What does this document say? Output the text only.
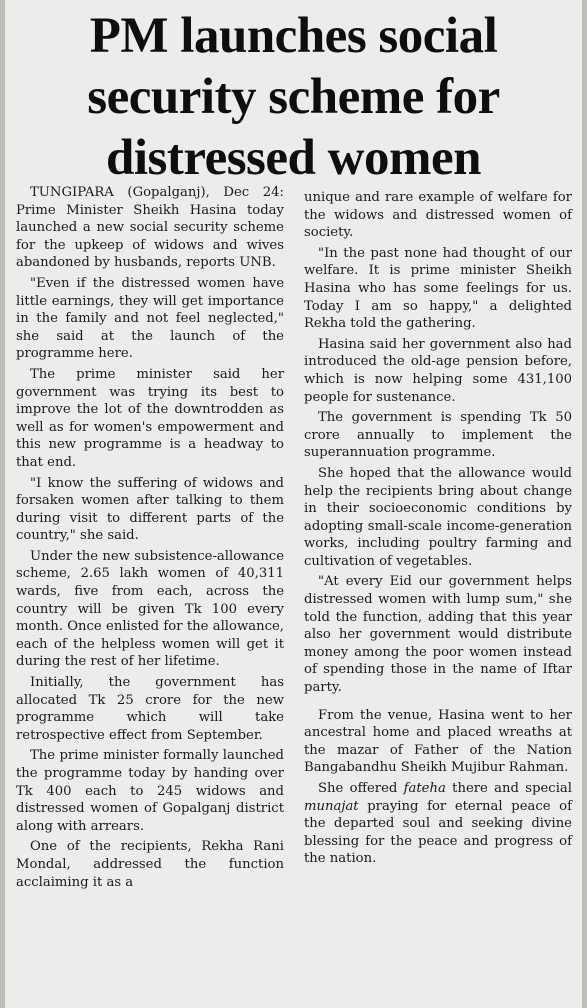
PM launches social security scheme for distressed women

TUNGIPARA (Gopalganj), Dec 24: Prime Minister Sheikh Hasina today launched a new social security scheme for the upkeep of widows and wives abandoned by husbands, reports UNB.

"Even if the distressed women have little earnings, they will get importance in the family and not feel neglected," she said at the launch of the programme here.

The prime minister said her government was trying its best to improve the lot of the downtrodden as well as for women's empowerment and this new programme is a headway to that end.

"I know the suffering of widows and forsaken women after talking to them during visit to different parts of the country," she said.

Under the new subsistence-allowance scheme, 2.65 lakh women of 40,311 wards, five from each, across the country will be given Tk 100 every month. Once enlisted for the allowance, each of the helpless women will get it during the rest of her lifetime.

Initially, the government has allocated Tk 25 crore for the new programme which will take retrospective effect from September.

The prime minister formally launched the programme today by handing over Tk 400 each to 245 widows and distressed women of Gopalganj district along with arrears.

One of the recipients, Rekha Rani Mondal, addressed the function acclaiming it as a

unique and rare example of welfare for the widows and distressed women of society.

"In the past none had thought of our welfare. It is prime minister Sheikh Hasina who has some feelings for us. Today I am so happy," a delighted Rekha told the gathering.

Hasina said her government also had introduced the old-age pension before, which is now helping some 431,100 people for sustenance.

The government is spending Tk 50 crore annually to implement the superannuation programme.

She hoped that the allowance would help the recipients bring about change in their socioeconomic conditions by adopting small-scale income-generation works, including poultry farming and cultivation of vegetables.

"At every Eid our government helps distressed women with lump sum," she told the function, adding that this year also her government would distribute money among the poor women instead of spending those in the name of Iftar party.

From the venue, Hasina went to her ancestral home and placed wreaths at the mazar of Father of the Nation Bangabandhu Sheikh Mujibur Rahman.

She offered fateha there and special munajat praying for eternal peace of the departed soul and seeking divine blessing for the peace and progress of the nation.
